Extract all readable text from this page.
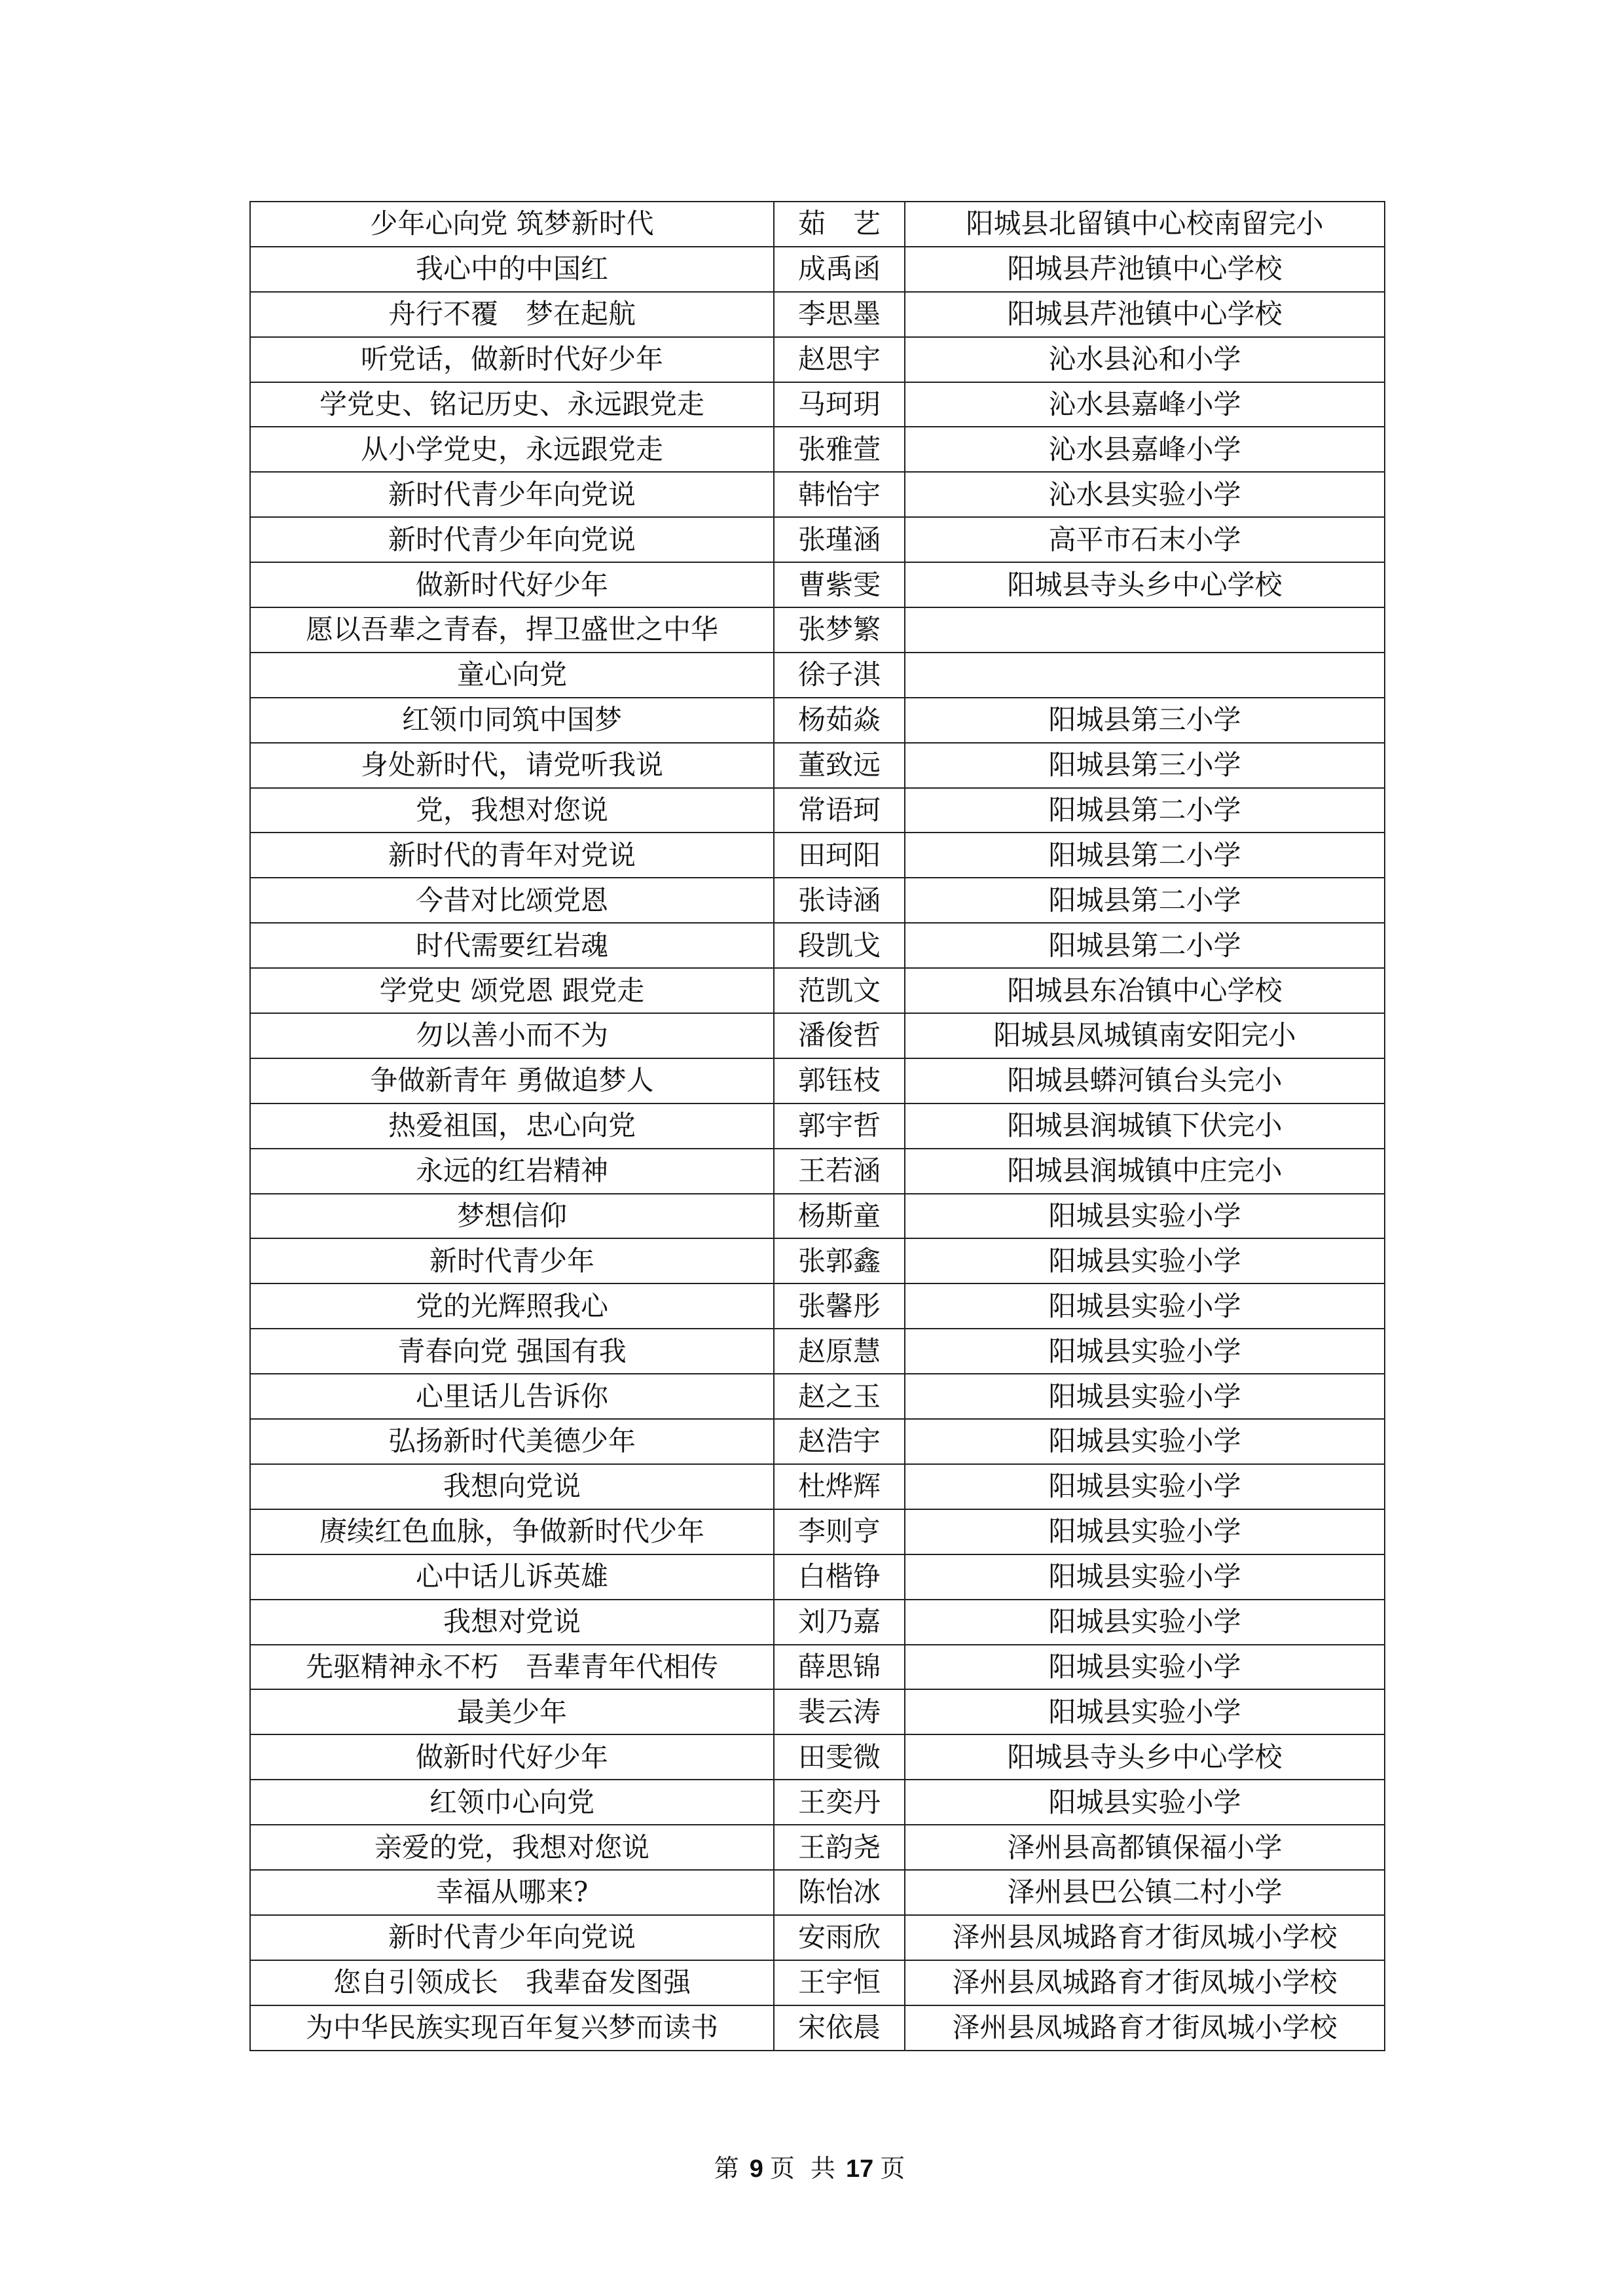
少年心向党 筑梦新时代	茹　艺	阳城县北留镇中心校南留完小
我心中的中国红	成禹函	阳城县芹池镇中心学校
舟行不覆　梦在起航	李思墨	阳城县芹池镇中心学校
听党话，做新时代好少年	赵思宇	沁水县沁和小学
学党史、铭记历史、永远跟党走	马珂玥	沁水县嘉峰小学
从小学党史，永远跟党走	张雅萱	沁水县嘉峰小学
新时代青少年向党说	韩怡宇	沁水县实验小学
新时代青少年向党说	张瑾涵	高平市石末小学
做新时代好少年	曹紫雯	阳城县寺头乡中心学校
愿以吾辈之青春，捍卫盛世之中华	张梦繁	
童心向党	徐子淇	
红领巾同筑中国梦	杨茹焱	阳城县第三小学
身处新时代，请党听我说	董致远	阳城县第三小学
党，我想对您说	常语珂	阳城县第二小学
新时代的青年对党说	田珂阳	阳城县第二小学
今昔对比颂党恩	张诗涵	阳城县第二小学
时代需要红岩魂	段凯戈	阳城县第二小学
学党史 颂党恩 跟党走	范凯文	阳城县东冶镇中心学校
勿以善小而不为	潘俊哲	阳城县凤城镇南安阳完小
争做新青年 勇做追梦人	郭钰枝	阳城县蟒河镇台头完小
热爱祖国，忠心向党	郭宇哲	阳城县润城镇下伏完小
永远的红岩精神	王若涵	阳城县润城镇中庄完小
梦想信仰	杨斯童	阳城县实验小学
新时代青少年	张郭鑫	阳城县实验小学
党的光辉照我心	张馨彤	阳城县实验小学
青春向党 强国有我	赵原慧	阳城县实验小学
心里话儿告诉你	赵之玉	阳城县实验小学
弘扬新时代美德少年	赵浩宇	阳城县实验小学
我想向党说	杜烨辉	阳城县实验小学
赓续红色血脉，争做新时代少年	李则亨	阳城县实验小学
心中话儿诉英雄	白楷铮	阳城县实验小学
我想对党说	刘乃嘉	阳城县实验小学
先驱精神永不朽　吾辈青年代相传	薛思锦	阳城县实验小学
最美少年	裴云涛	阳城县实验小学
做新时代好少年	田雯微	阳城县寺头乡中心学校
红领巾心向党	王奕丹	阳城县实验小学
亲爱的党，我想对您说	王韵尧	泽州县高都镇保福小学
幸福从哪来?	陈怡冰	泽州县巴公镇二村小学
新时代青少年向党说	安雨欣	泽州县凤城路育才街凤城小学校
您自引领成长　我辈奋发图强	王宇恒	泽州县凤城路育才街凤城小学校
为中华民族实现百年复兴梦而读书	宋依晨	泽州县凤城路育才街凤城小学校
第 9 页 共 17 页
